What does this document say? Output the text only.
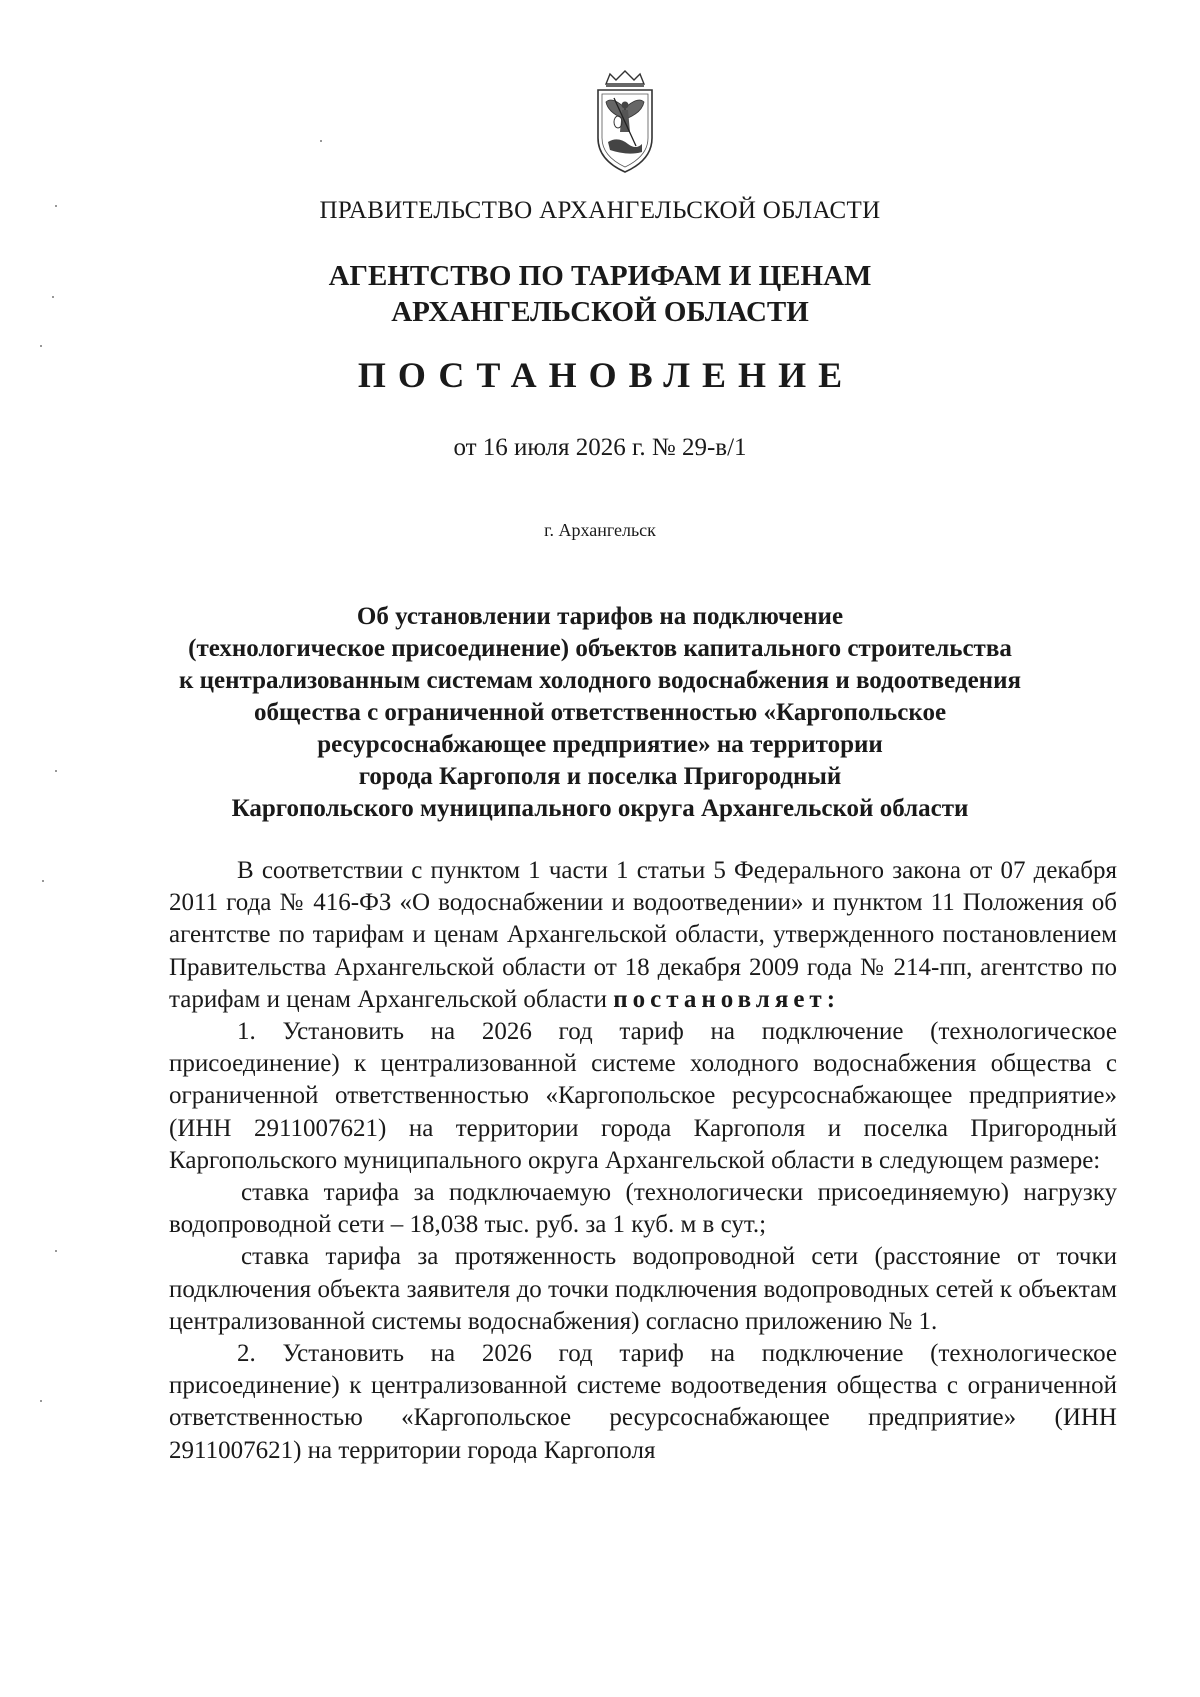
ПРАВИТЕЛЬСТВО АРХАНГЕЛЬСКОЙ ОБЛАСТИ
АГЕНТСТВО ПО ТАРИФАМ И ЦЕНАМ
АРХАНГЕЛЬСКОЙ ОБЛАСТИ
ПОСТАНОВЛЕНИЕ
от 16 июля 2026 г. № 29-в/1
г. Архангельск
Об установлении тарифов на подключение
(технологическое присоединение) объектов капитального строительства
к централизованным системам холодного водоснабжения и водоотведения
общества с ограниченной ответственностью «Каргопольское
ресурсоснабжающее предприятие» на территории
города Каргополя и поселка Пригородный
Каргопольского муниципального округа Архангельской области

В соответствии с пунктом 1 части 1 статьи 5 Федерального закона от 07 декабря 2011 года № 416-ФЗ «О водоснабжении и водоотведении» и пунктом 11 Положения об агентстве по тарифам и ценам Архангельской области, утвержденного постановлением Правительства Архангельской области от 18 декабря 2009 года № 214-пп, агентство по тарифам и ценам Архангельской области постановляет:

1. Установить на 2026 год тариф на подключение (технологическое присоединение) к централизованной системе холодного водоснабжения общества с ограниченной ответственностью «Каргопольское ресурсоснабжающее предприятие» (ИНН 2911007621) на территории города Каргополя и поселка Пригородный Каргопольского муниципального округа Архангельской области в следующем размере:

ставка тарифа за подключаемую (технологически присоединяемую) нагрузку водопроводной сети – 18,038 тыс. руб. за 1 куб. м в сут.;

ставка тарифа за протяженность водопроводной сети (расстояние от точки подключения объекта заявителя до точки подключения водопроводных сетей к объектам централизованной системы водоснабжения) согласно приложению № 1.

2. Установить на 2026 год тариф на подключение (технологическое присоединение) к централизованной системе водоотведения общества с ограниченной ответственностью «Каргопольское ресурсоснабжающее предприятие» (ИНН 2911007621) на территории города Каргополя
